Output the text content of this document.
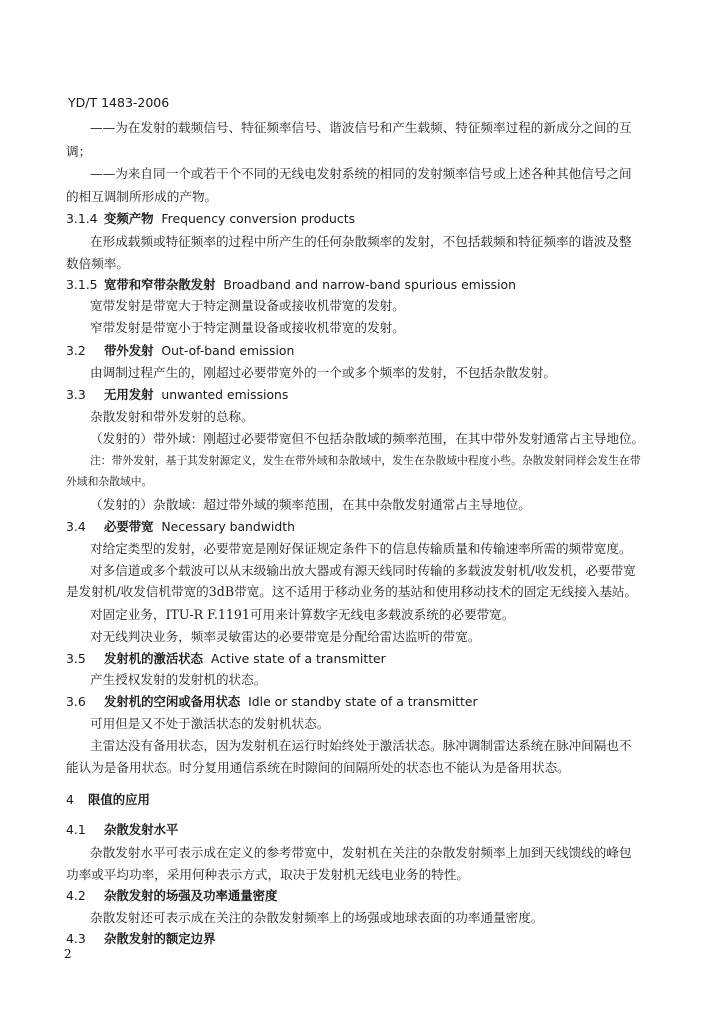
YD/T 1483-2006
——为在发射的载频信号、特征频率信号、谐波信号和产生载频、特征频率过程的新成分之间的互
调；
——为来自同一个或若干个不同的无线电发射系统的相同的发射频率信号或上述各种其他信号之间
的相互调制所形成的产物。
3.1.4 变频产物 Frequency conversion products
在形成载频或特征频率的过程中所产生的任何杂散频率的发射，不包括载频和特征频率的谐波及整
数倍频率。
3.1.5 宽带和窄带杂散发射 Broadband and narrow-band spurious emission
宽带发射是带宽大于特定测量设备或接收机带宽的发射。
窄带发射是带宽小于特定测量设备或接收机带宽的发射。
3.2 带外发射 Out-of-band emission
由调制过程产生的，刚超过必要带宽外的一个或多个频率的发射，不包括杂散发射。
3.3 无用发射 unwanted emissions
杂散发射和带外发射的总称。
（发射的）带外域：刚超过必要带宽但不包括杂散域的频率范围，在其中带外发射通常占主导地位。
注：带外发射，基于其发射源定义，发生在带外域和杂散域中，发生在杂散域中程度小些。杂散发射同样会发生在带
外域和杂散域中。
（发射的）杂散域：超过带外域的频率范围，在其中杂散发射通常占主导地位。
3.4 必要带宽 Necessary bandwidth
对给定类型的发射，必要带宽是刚好保证规定条件下的信息传输质量和传输速率所需的频带宽度。
对多信道或多个载波可以从末级输出放大器或有源天线同时传输的多载波发射机/收发机，必要带宽
是发射机/收发信机带宽的3dB带宽。这不适用于移动业务的基站和使用移动技术的固定无线接入基站。
对固定业务，ITU-R F.1191可用来计算数字无线电多载波系统的必要带宽。
对无线判决业务，频率灵敏雷达的必要带宽是分配给雷达监听的带宽。
3.5 发射机的激活状态 Active state of a transmitter
产生授权发射的发射机的状态。
3.6 发射机的空闲或备用状态 Idle or standby state of a transmitter
可用但是又不处于激活状态的发射机状态。
主雷达没有备用状态，因为发射机在运行时始终处于激活状态。脉冲调制雷达系统在脉冲间隔也不
能认为是备用状态。时分复用通信系统在时隙间的间隔所处的状态也不能认为是备用状态。
4 限值的应用
4.1 杂散发射水平
杂散发射水平可表示成在定义的参考带宽中，发射机在关注的杂散发射频率上加到天线馈线的峰包
功率或平均功率，采用何种表示方式，取决于发射机无线电业务的特性。
4.2 杂散发射的场强及功率通量密度
杂散发射还可表示成在关注的杂散发射频率上的场强或地球表面的功率通量密度。
4.3 杂散发射的额定边界
2
